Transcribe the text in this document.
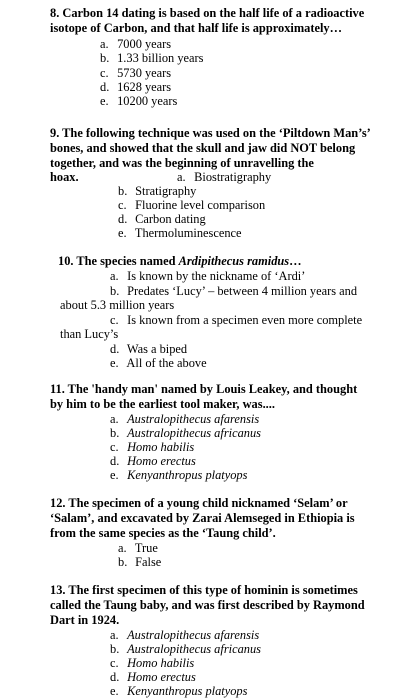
8. Carbon 14 dating is based on the half life of a radioactive
isotope of Carbon, and that half life is approximately…
a. 7000 years
b. 1.33 billion years
c. 5730 years
d. 1628 years
e. 10200 years
9. The following technique was used on the ‘Piltdown Man’s’
bones, and showed that the skull and jaw did NOT belong
together, and was the beginning of unravelling the
hoax.	a. Biostratigraphy
b. Stratigraphy
c. Fluorine level comparison
d. Carbon dating
e. Thermoluminescence
10. The species named Ardipithecus ramidus…
a. Is known by the nickname of ‘Ardi’
b. Predates ‘Lucy’ – between 4 million years and
about 5.3 million years
c. Is known from a specimen even more complete
than Lucy’s
d. Was a biped
e. All of the above
11. The 'handy man' named by Louis Leakey, and thought
by him to be the earliest tool maker, was....
a. Australopithecus afarensis
b. Australopithecus africanus
c. Homo habilis
d. Homo erectus
e. Kenyanthropus platyops
12. The specimen of a young child nicknamed ‘Selam’ or
‘Salam’, and excavated by Zarai Alemseged in Ethiopia is
from the same species as the ‘Taung child’.
a. True
b. False
13. The first specimen of this type of hominin is sometimes
called the Taung baby, and was first described by Raymond
Dart in 1924.
a. Australopithecus afarensis
b. Australopithecus africanus
c. Homo habilis
d. Homo erectus
e. Kenyanthropus platyops
